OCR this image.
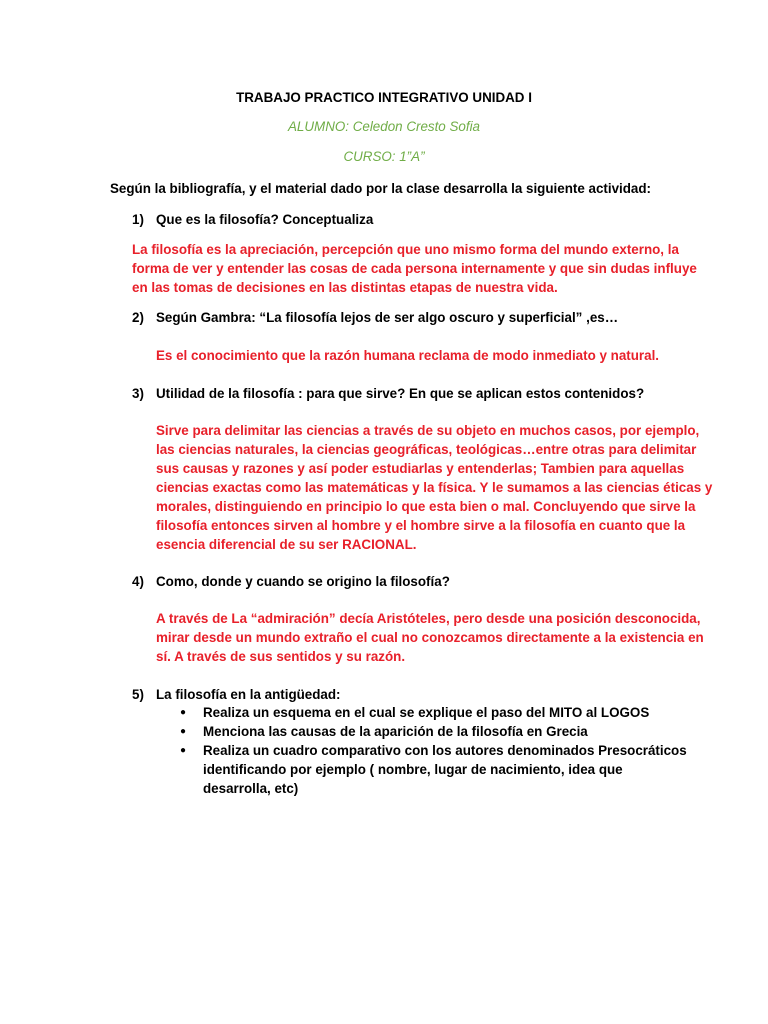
TRABAJO PRACTICO INTEGRATIVO UNIDAD I

ALUMNO: Celedon Cresto Sofia

CURSO: 1”A”

Según la bibliografía, y el material dado por la clase desarrolla la siguiente actividad:

1) Que es la filosofía? Conceptualiza

La filosofía es la apreciación, percepción que uno mismo forma del mundo externo, la

forma de ver y entender las cosas de cada persona internamente y que sin dudas influye

en las tomas de decisiones en las distintas etapas de nuestra vida.

2) Según Gambra: “La filosofía lejos de ser algo oscuro y superficial” ,es…

Es el conocimiento que la razón humana reclama de modo inmediato y natural.

3) Utilidad de la filosofía : para que sirve? En que se aplican estos contenidos?

Sirve para delimitar las ciencias a través de su objeto en muchos casos, por ejemplo,

las ciencias naturales, la ciencias geográficas, teológicas…entre otras para delimitar

sus causas y razones y así poder estudiarlas y entenderlas; Tambien para aquellas

ciencias exactas como las matemáticas y la física. Y le sumamos a las ciencias éticas y

morales, distinguiendo en principio lo que esta bien o mal. Concluyendo que sirve la

filosofía entonces sirven al hombre y el hombre sirve a la filosofía en cuanto que la

esencia diferencial de su ser RACIONAL.

4) Como, donde y cuando se origino la filosofía?

A través de La “admiración” decía Aristóteles, pero desde una posición desconocida,

mirar desde un mundo extraño el cual no conozcamos directamente a la existencia en

sí. A través de sus sentidos y su razón.

5) La filosofía en la antigüedad:
● Realiza un esquema en el cual se explique el paso del MITO al LOGOS
● Menciona las causas de la aparición de la filosofía en Grecia
● Realiza un cuadro comparativo con los autores denominados Presocráticos
identificando por ejemplo ( nombre, lugar de nacimiento, idea que
desarrolla, etc)
